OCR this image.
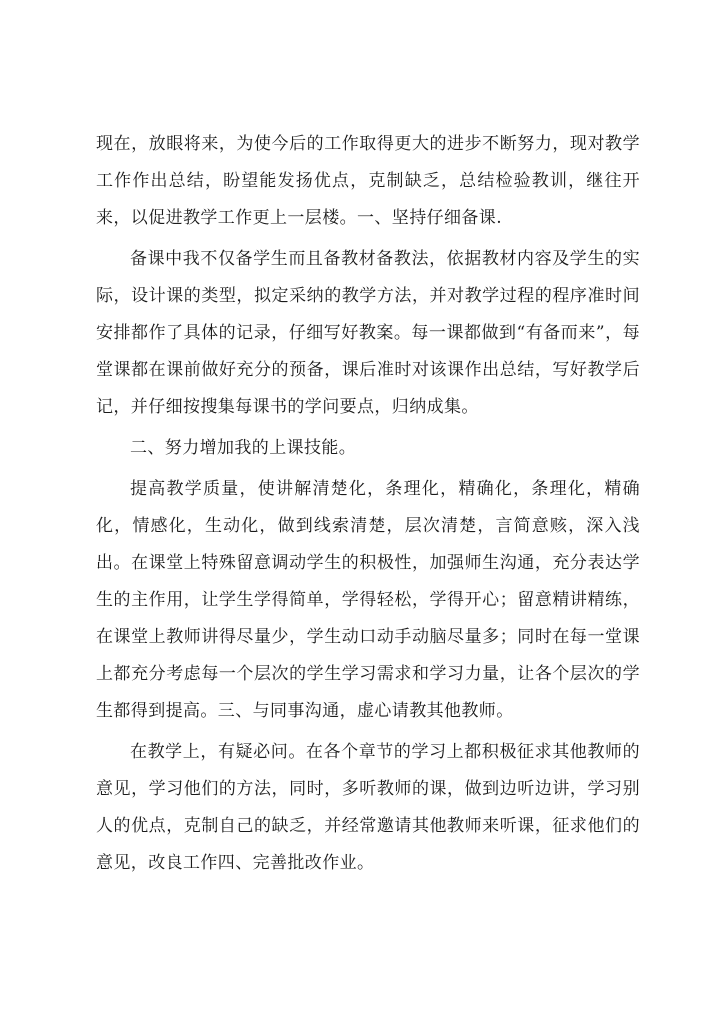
现在，放眼将来，为使今后的工作取得更大的进步不断努力，现对教学工作作出总结，盼望能发扬优点，克制缺乏，总结检验教训，继往开来，以促进教学工作更上一层楼。一、坚持仔细备课.

备课中我不仅备学生而且备教材备教法，依据教材内容及学生的实际，设计课的类型，拟定采纳的教学方法，并对教学过程的程序准时间安排都作了具体的记录，仔细写好教案。每一课都做到“有备而来”，每堂课都在课前做好充分的预备，课后准时对该课作出总结，写好教学后记，并仔细按搜集每课书的学问要点，归纳成集。

二、努力增加我的上课技能。

提高教学质量，使讲解清楚化，条理化，精确化，条理化，精确化，情感化，生动化，做到线索清楚，层次清楚，言简意赅，深入浅出。在课堂上特殊留意调动学生的积极性，加强师生沟通，充分表达学生的主作用，让学生学得简单，学得轻松，学得开心；留意精讲精练，在课堂上教师讲得尽量少，学生动口动手动脑尽量多；同时在每一堂课上都充分考虑每一个层次的学生学习需求和学习力量，让各个层次的学生都得到提高。三、与同事沟通，虚心请教其他教师。

在教学上，有疑必问。在各个章节的学习上都积极征求其他教师的意见，学习他们的方法，同时，多听教师的课，做到边听边讲，学习别人的优点，克制自己的缺乏，并经常邀请其他教师来听课，征求他们的意见，改良工作四、完善批改作业。
